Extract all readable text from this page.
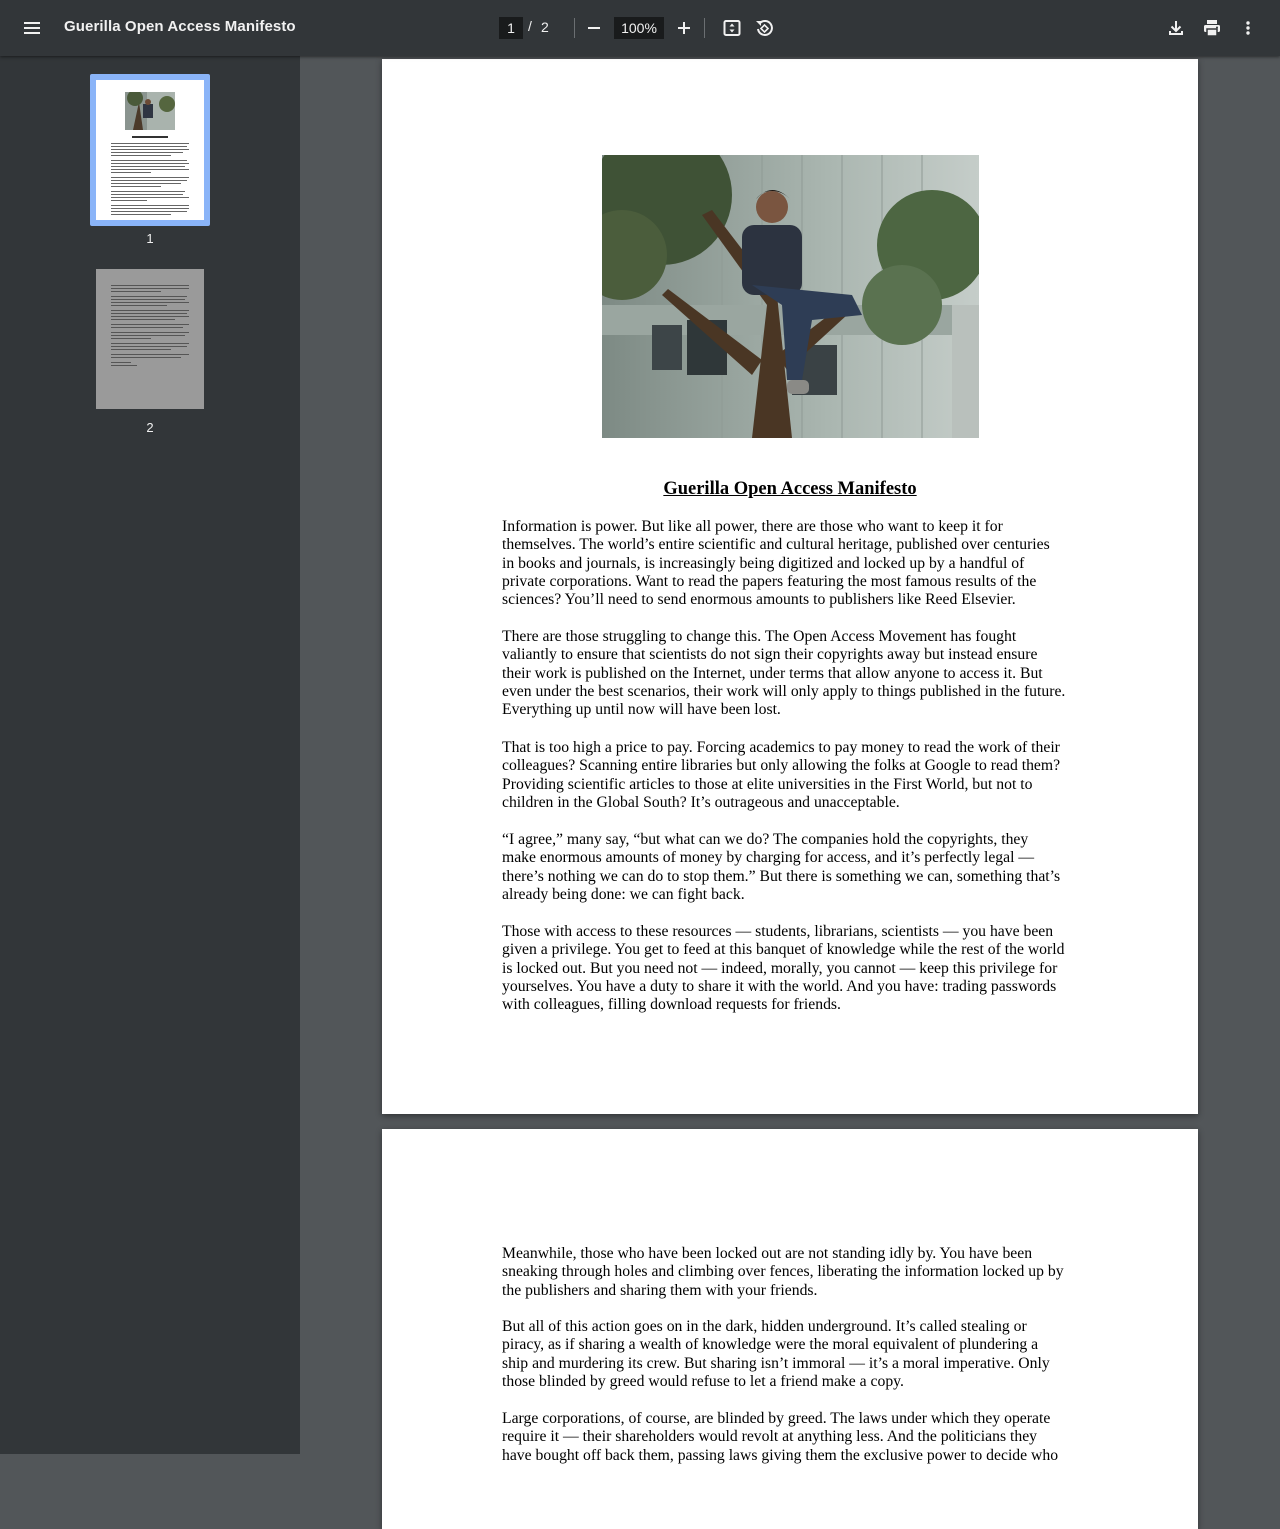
Guerilla Open Access Manifesto	1 / 2	100%
1
2
Guerilla Open Access Manifesto

Information is power. But like all power, there are those who want to keep it for
themselves. The world’s entire scientific and cultural heritage, published over centuries
in books and journals, is increasingly being digitized and locked up by a handful of
private corporations. Want to read the papers featuring the most famous results of the
sciences? You’ll need to send enormous amounts to publishers like Reed Elsevier.

There are those struggling to change this. The Open Access Movement has fought
valiantly to ensure that scientists do not sign their copyrights away but instead ensure
their work is published on the Internet, under terms that allow anyone to access it. But
even under the best scenarios, their work will only apply to things published in the future.
Everything up until now will have been lost.

That is too high a price to pay. Forcing academics to pay money to read the work of their
colleagues? Scanning entire libraries but only allowing the folks at Google to read them?
Providing scientific articles to those at elite universities in the First World, but not to
children in the Global South? It’s outrageous and unacceptable.

“I agree,” many say, “but what can we do? The companies hold the copyrights, they
make enormous amounts of money by charging for access, and it’s perfectly legal —
there’s nothing we can do to stop them.” But there is something we can, something that’s
already being done: we can fight back.

Those with access to these resources — students, librarians, scientists — you have been
given a privilege. You get to feed at this banquet of knowledge while the rest of the world
is locked out. But you need not — indeed, morally, you cannot — keep this privilege for
yourselves. You have a duty to share it with the world. And you have: trading passwords
with colleagues, filling download requests for friends.

Meanwhile, those who have been locked out are not standing idly by. You have been
sneaking through holes and climbing over fences, liberating the information locked up by
the publishers and sharing them with your friends.

But all of this action goes on in the dark, hidden underground. It’s called stealing or
piracy, as if sharing a wealth of knowledge were the moral equivalent of plundering a
ship and murdering its crew. But sharing isn’t immoral — it’s a moral imperative. Only
those blinded by greed would refuse to let a friend make a copy.

Large corporations, of course, are blinded by greed. The laws under which they operate
require it — their shareholders would revolt at anything less. And the politicians they
have bought off back them, passing laws giving them the exclusive power to decide who
